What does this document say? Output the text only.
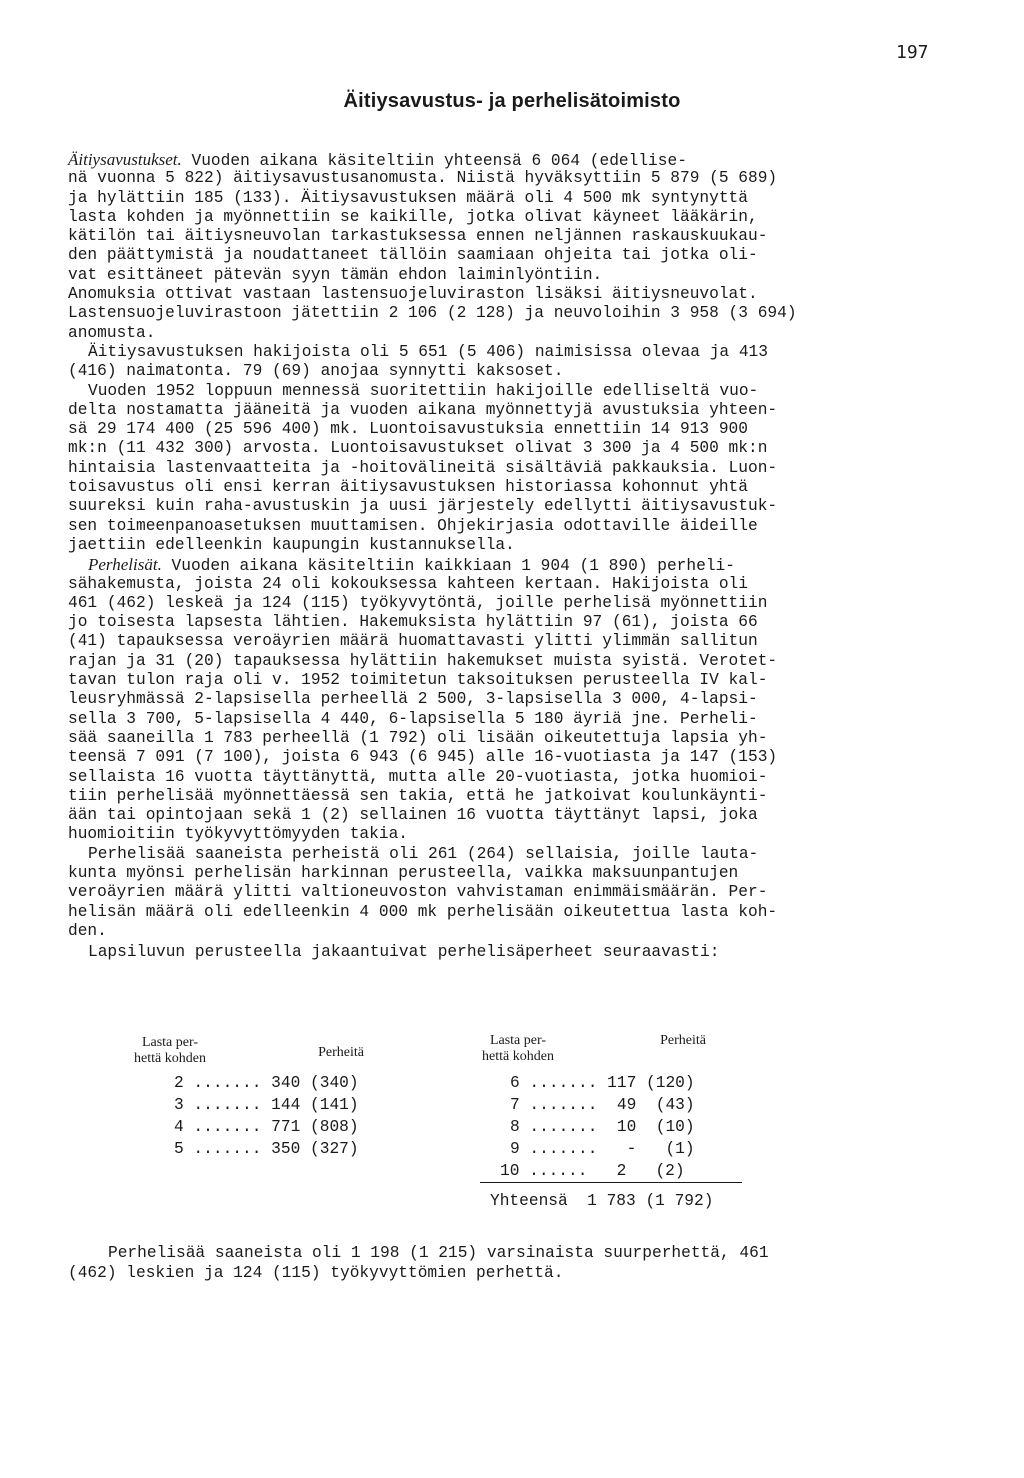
197
Äitiysavustus- ja perhelisätoimisto
Äitiysavustukset. Vuoden aikana käsiteltiin yhteensä 6 064 (edellise-
nä vuonna 5 822) äitiysavustusanomusta. Niistä hyväksyttiin 5 879 (5 689)
ja hylättiin 185 (133). Äitiysavustuksen määrä oli 4 500 mk syntynyttä
lasta kohden ja myönnettiin se kaikille, jotka olivat käyneet lääkärin,
kätilön tai äitiysneuvolan tarkastuksessa ennen neljännen raskauskuukau-
den päättymistä ja noudattaneet tällöin saamiaan ohjeita tai jotka oli-
vat esittäneet pätevän syyn tämän ehdon laiminlyöntiin.
Anomuksia ottivat vastaan lastensuojeluviraston lisäksi äitiysneuvolat.
Lastensuojeluvirastoon jätettiin 2 106 (2 128) ja neuvoloihin 3 958 (3 694)
anomusta.
Äitiysavustuksen hakijoista oli 5 651 (5 406) naimisissa olevaa ja 413
(416) naimatonta. 79 (69) anojaa synnytti kaksoset.
Vuoden 1952 loppuun mennessä suoritettiin hakijoille edelliseltä vuo-
delta nostamatta jääneitä ja vuoden aikana myönnettyjä avustuksia yhteen-
sä 29 174 400 (25 596 400) mk. Luontoisavustuksia ennettiin 14 913 900
mk:n (11 432 300) arvosta. Luontoisavustukset olivat 3 300 ja 4 500 mk:n
hintaisia lastenvaatteita ja -hoitovälineitä sisältäviä pakkauksia. Luon-
toisavustus oli ensi kerran äitiysavustuksen historiassa kohonnut yhtä
suureksi kuin raha-avustuskin ja uusi järjestely edellytti äitiysavustuk-
sen toimeenpanoasetuksen muuttamisen. Ohjekirjasia odottaville äideille
jaettiin edelleenkin kaupungin kustannuksella.
Perhelisät. Vuoden aikana käsiteltiin kaikkiaan 1 904 (1 890) perheli-
sähakemusta, joista 24 oli kokouksessa kahteen kertaan. Hakijoista oli
461 (462) leskeä ja 124 (115) työkyvytöntä, joille perhelisä myönnettiin
jo toisesta lapsesta lähtien. Hakemuksista hylättiin 97 (61), joista 66
(41) tapauksessa veroäyrien määrä huomattavasti ylitti ylimmän sallitun
rajan ja 31 (20) tapauksessa hylättiin hakemukset muista syistä. Verotet-
tavan tulon raja oli v. 1952 toimitetun taksoituksen perusteella IV kal-
leusryhmässä 2-lapsisella perheellä 2 500, 3-lapsisella 3 000, 4-lapsi-
sella 3 700, 5-lapsisella 4 440, 6-lapsisella 5 180 äyriä jne. Perheli-
sää saaneilla 1 783 perheellä (1 792) oli lisään oikeutettuja lapsia yh-
teensä 7 091 (7 100), joista 6 943 (6 945) alle 16-vuotiasta ja 147 (153)
sellaista 16 vuotta täyttänyttä, mutta alle 20-vuotiasta, jotka huomioi-
tiin perhelisää myönnettäessä sen takia, että he jatkoivat koulunkäynti-
ään tai opintojaan sekä 1 (2) sellainen 16 vuotta täyttänyt lapsi, joka
huomioitiin työkyvyttömyyden takia.
Perhelisää saaneista perheistä oli 261 (264) sellaisia, joille lauta-
kunta myönsi perhelisän harkinnan perusteella, vaikka maksuunpantujen
veroäyrien määrä ylitti valtioneuvoston vahvistaman enimmäismäärän. Per-
helisän määrä oli edelleenkin 4 000 mk perhelisään oikeutettua lasta koh-
den.
Lapsiluvun perusteella jakaantuivat perhelisäperheet seuraavasti:
Lasta per-
hettä kohden	Perheitä
Lasta per-
hettä kohden
Perheitä
2 ....... 340 (340)
3 ....... 144 (141)
4 ....... 771 (808)
5 ....... 350 (327)
6 ....... 117 (120)
7 .......  49  (43)
8 .......  10  (10)
9 .......   -   (1)
10 ......   2   (2)
Yhteensä 1 783 (1 792)
Perhelisää saaneista oli 1 198 (1 215) varsinaista suurperhettä, 461
(462) leskien ja 124 (115) työkyvyttömien perhettä.
